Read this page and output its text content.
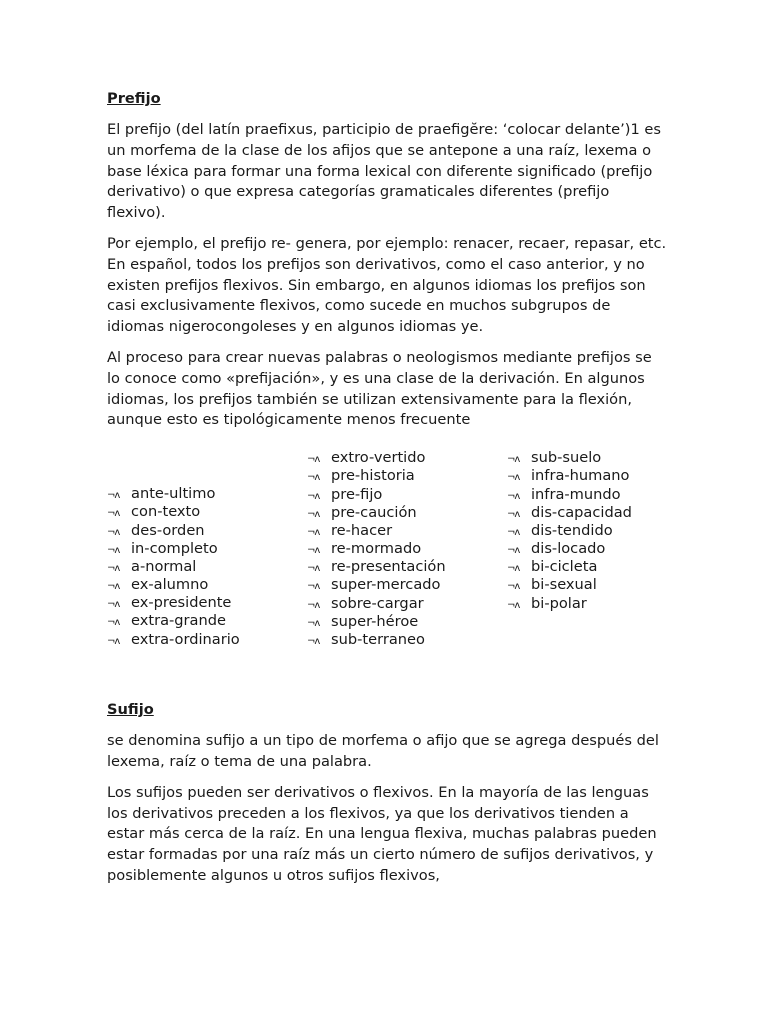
Prefijo

El prefijo (del latín praefixus, participio de praefigĕre: ‘colocar delante’)1 es un morfema de la clase de los afijos que se antepone a una raíz, lexema o base léxica para formar una forma lexical con diferente significado (prefijo derivativo) o que expresa categorías gramaticales diferentes (prefijo flexivo).

Por ejemplo, el prefijo re- genera, por ejemplo: renacer, recaer, repasar, etc. En español, todos los prefijos son derivativos, como el caso anterior, y no existen prefijos flexivos. Sin embargo, en algunos idiomas los prefijos son casi exclusivamente flexivos, como sucede en muchos subgrupos de idiomas nigerocongoleses y en algunos idiomas ye.

Al proceso para crear nuevas palabras o neologismos mediante prefijos se lo conoce como «prefijación», y es una clase de la derivación. En algunos idiomas, los prefijos también se utilizan extensivamente para la flexión, aunque esto es tipológicamente menos frecuente

¬ʌ ante-ultimo
¬ʌ con-texto
¬ʌ des-orden
¬ʌ in-completo
¬ʌ a-normal
¬ʌ ex-alumno
¬ʌ ex-presidente
¬ʌ extra-grande
¬ʌ extra-ordinario
¬ʌ extro-vertido
¬ʌ pre-historia
¬ʌ pre-fijo
¬ʌ pre-caución
¬ʌ re-hacer
¬ʌ re-mormado
¬ʌ re-presentación
¬ʌ super-mercado
¬ʌ sobre-cargar
¬ʌ super-héroe
¬ʌ sub-terraneo
¬ʌ sub-suelo
¬ʌ infra-humano
¬ʌ infra-mundo
¬ʌ dis-capacidad
¬ʌ dis-tendido
¬ʌ dis-locado
¬ʌ bi-cicleta
¬ʌ bi-sexual
¬ʌ bi-polar
Sufijo

se denomina sufijo a un tipo de morfema o afijo que se agrega después del lexema, raíz o tema de una palabra.

Los sufijos pueden ser derivativos o flexivos. En la mayoría de las lenguas los derivativos preceden a los flexivos, ya que los derivativos tienden a estar más cerca de la raíz. En una lengua flexiva, muchas palabras pueden estar formadas por una raíz más un cierto número de sufijos derivativos, y posiblemente algunos u otros sufijos flexivos,
